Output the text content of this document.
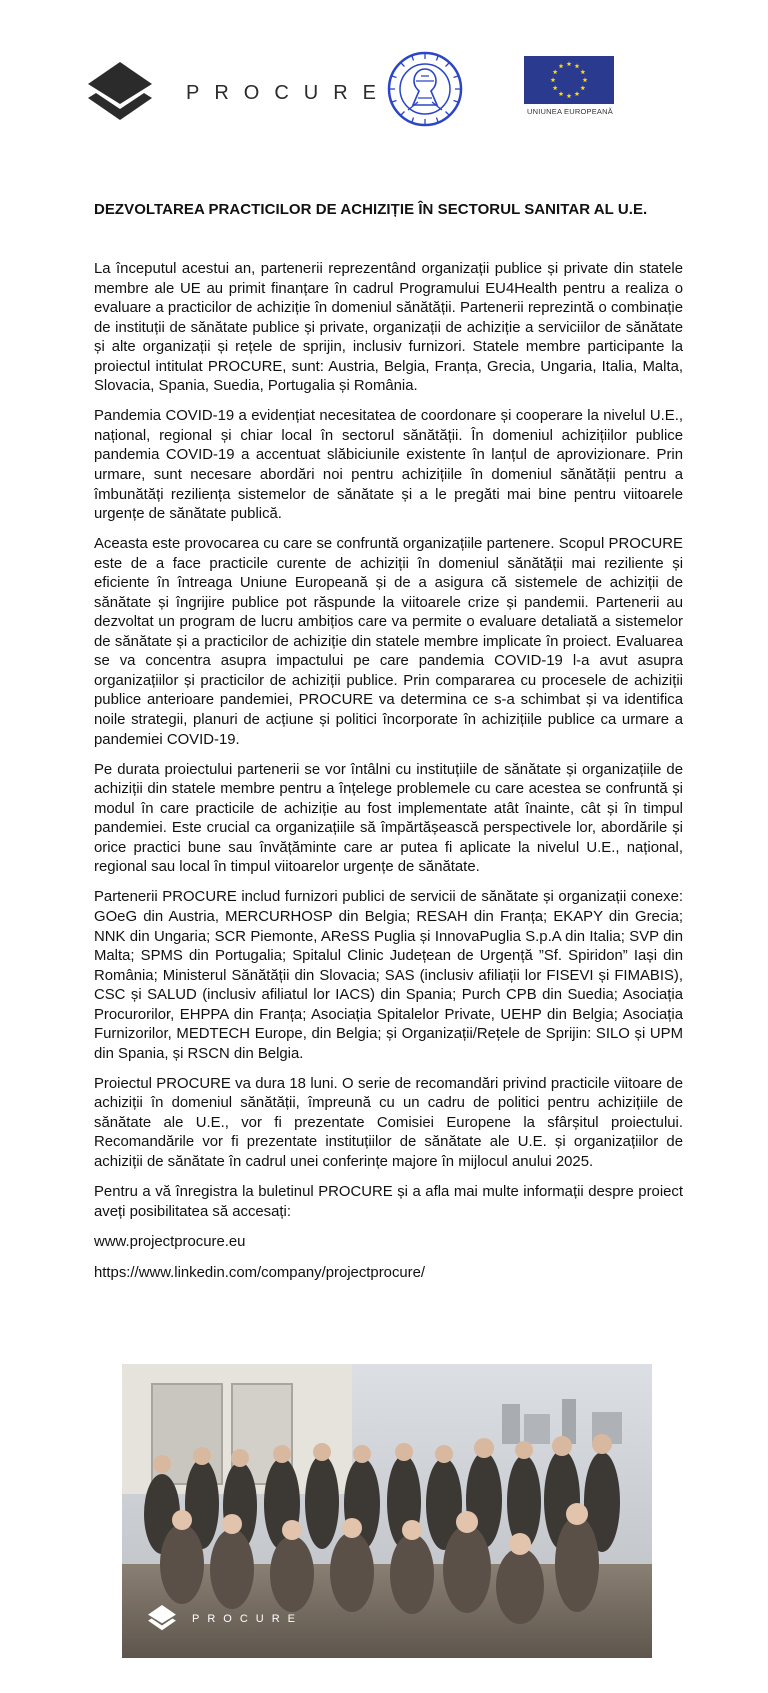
PROCURE
UNIUNEA EUROPEANĂ
DEZVOLTAREA PRACTICILOR DE ACHIZIȚIE ÎN SECTORUL SANITAR AL U.E.

La începutul acestui an, partenerii reprezentând organizații publice și private din statele membre ale UE au primit finanțare în cadrul Programului EU4Health pentru a realiza o evaluare a practicilor de achiziție în domeniul sănătății. Partenerii reprezintă o combinație de instituții de sănătate publice și private, organizații de achiziție a serviciilor de sănătate și alte organizații și rețele de sprijin, inclusiv furnizori. Statele membre participante la proiectul intitulat PROCURE, sunt: Austria, Belgia, Franța, Grecia, Ungaria, Italia, Malta, Slovacia, Spania, Suedia, Portugalia și România.

Pandemia COVID-19 a evidențiat necesitatea de coordonare și cooperare la nivelul U.E., național, regional și chiar local în sectorul sănătății. În domeniul achizițiilor publice pandemia COVID-19 a accentuat slăbiciunile existente în lanțul de aprovizionare. Prin urmare, sunt necesare abordări noi pentru achizițiile în domeniul sănătății pentru a îmbunătăți reziliența sistemelor de sănătate și a le pregăti mai bine pentru viitoarele urgențe de sănătate publică.

Aceasta este provocarea cu care se confruntă organizațiile partenere. Scopul PROCURE este de a face practicile curente de achiziții în domeniul sănătății mai reziliente și eficiente în întreaga Uniune Europeană și de a asigura că sistemele de achiziții de sănătate și îngrijire publice pot răspunde la viitoarele crize și pandemii. Partenerii au dezvoltat un program de lucru ambițios care va permite o evaluare detaliată a sistemelor de sănătate și a practicilor de achiziție din statele membre implicate în proiect. Evaluarea se va concentra asupra impactului pe care pandemia COVID-19 l-a avut asupra organizațiilor și practicilor de achiziții publice. Prin compararea cu procesele de achiziții publice anterioare pandemiei, PROCURE va determina ce s-a schimbat și va identifica noile strategii, planuri de acțiune și politici încorporate în achizițiile publice ca urmare a pandemiei COVID-19.

Pe durata proiectului partenerii se vor întâlni cu instituțiile de sănătate și organizațiile de achiziții din statele membre pentru a înțelege problemele cu care acestea se confruntă și modul în care practicile de achiziție au fost implementate atât înainte, cât și în timpul pandemiei. Este crucial ca organizațiile să împărtășească perspectivele lor, abordările și orice practici bune sau învățăminte care ar putea fi aplicate la nivelul U.E., național, regional sau local în timpul viitoarelor urgențe de sănătate.

Partenerii PROCURE includ furnizori publici de servicii de sănătate și organizații conexe: GOeG din Austria, MERCURHOSP din Belgia; RESAH din Franța; EKAPY din Grecia; NNK din Ungaria; SCR Piemonte, AReSS Puglia și InnovaPuglia S.p.A din Italia; SVP din Malta; SPMS din Portugalia; Spitalul Clinic Județean de Urgență ”Sf. Spiridon” Iași din România; Ministerul Sănătății din Slovacia; SAS (inclusiv afiliații lor FISEVI și FIMABIS), CSC și SALUD (inclusiv afiliatul lor IACS) din Spania; Purch CPB din Suedia; Asociația Procurorilor, EHPPA din Franța; Asociația Spitalelor Private, UEHP din Belgia; Asociația Furnizorilor, MEDTECH Europe, din Belgia; și Organizații/Rețele de Sprijin: SILO și UPM din Spania, și RSCN din Belgia.

Proiectul PROCURE va dura 18 luni. O serie de recomandări privind practicile viitoare de achiziții în domeniul sănătății, împreună cu un cadru de politici pentru achizițiile de sănătate ale U.E., vor fi prezentate Comisiei Europene la sfârșitul proiectului. Recomandările vor fi prezentate instituțiilor de sănătate ale U.E. și organizațiilor de achiziții de sănătate în cadrul unei conferințe majore în mijlocul anului 2025.

Pentru a vă înregistra la buletinul PROCURE și a afla mai multe informații despre proiect aveți posibilitatea să accesați:

www.projectprocure.eu

https://www.linkedin.com/company/projectprocure/

PROCURE
